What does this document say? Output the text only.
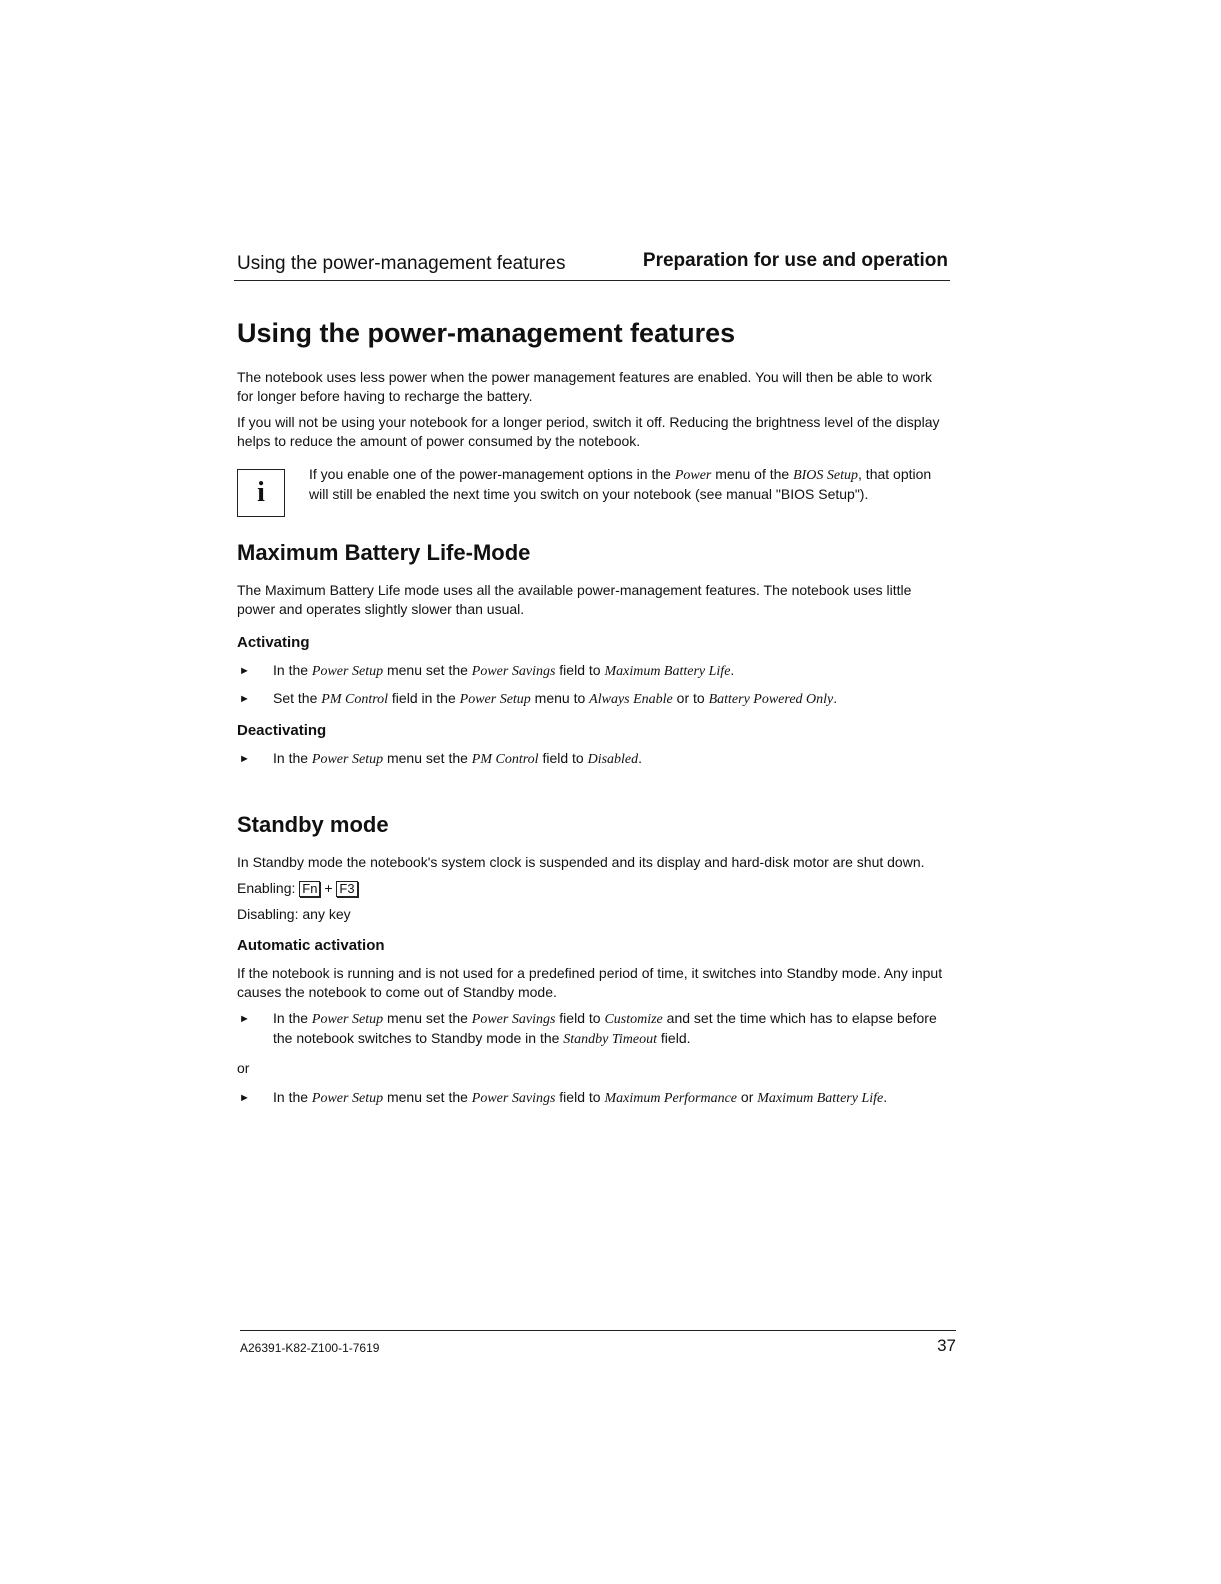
Using the power-management features	Preparation for use and operation
Using the power-management features

The notebook uses less power when the power management features are enabled. You will then be able to work for longer before having to recharge the battery.

If you will not be using your notebook for a longer period, switch it off. Reducing the brightness level of the display helps to reduce the amount of power consumed by the notebook.

i
If you enable one of the power-management options in the Power menu of the BIOS Setup, that option will still be enabled the next time you switch on your notebook (see manual "BIOS Setup").
Maximum Battery Life-Mode

The Maximum Battery Life mode uses all the available power-management features. The notebook uses little power and operates slightly slower than usual.

Activating
► In the Power Setup menu set the Power Savings field to Maximum Battery Life.
► Set the PM Control field in the Power Setup menu to Always Enable or to Battery Powered Only.
Deactivating
► In the Power Setup menu set the PM Control field to Disabled.
Standby mode

In Standby mode the notebook's system clock is suspended and its display and hard-disk motor are shut down.

Enabling: Fn + F3

Disabling: any key

Automatic activation

If the notebook is running and is not used for a predefined period of time, it switches into Standby mode. Any input causes the notebook to come out of Standby mode.

► In the Power Setup menu set the Power Savings field to Customize and set the time which has to elapse before the notebook switches to Standby mode in the Standby Timeout field.

or

► In the Power Setup menu set the Power Savings field to Maximum Performance or Maximum Battery Life.
A26391-K82-Z100-1-7619	37
